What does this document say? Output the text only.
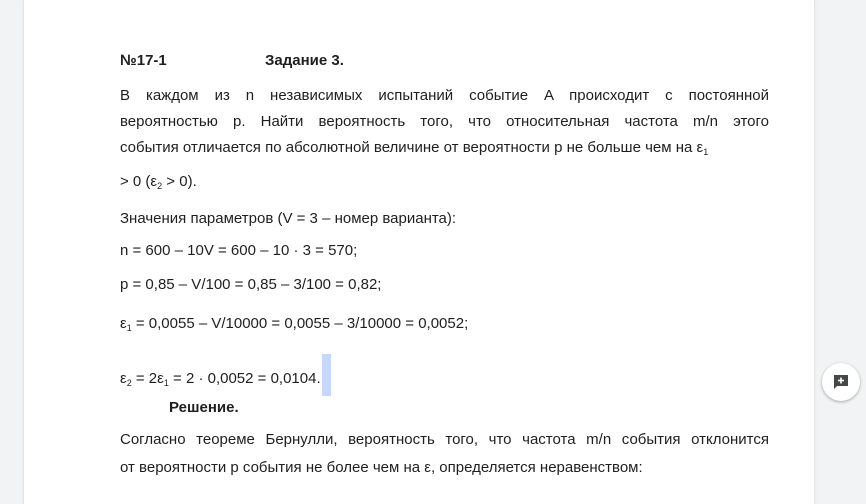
№17-1	Задание 3.
В каждом из n независимых испытаний событие A происходит с постоянной
вероятностью p. Найти вероятность того, что относительная частота m/n этого
события отличается по абсолютной величине от вероятности p не больше чем на $\varepsilon_1$
> 0 $(\varepsilon_2 > 0)$.
Значения параметров (V = 3 – номер варианта):
n = 600 – 10V = 600 – 10 · 3 = 570;
p = 0,85 – V/100 = 0,85 – 3/100 = 0,82;
$\varepsilon_1 = 0,0055 - V/10000 = 0,0055 - 3/10000 = 0,0052$;
$\varepsilon_2 = 2\varepsilon_1 = 2 \cdot 0,0052 = 0,0104$.
Решение.
Согласно теореме Бернулли, вероятность того, что частота m/n события отклонится
от вероятности p события не более чем на ε, определяется неравенством:
